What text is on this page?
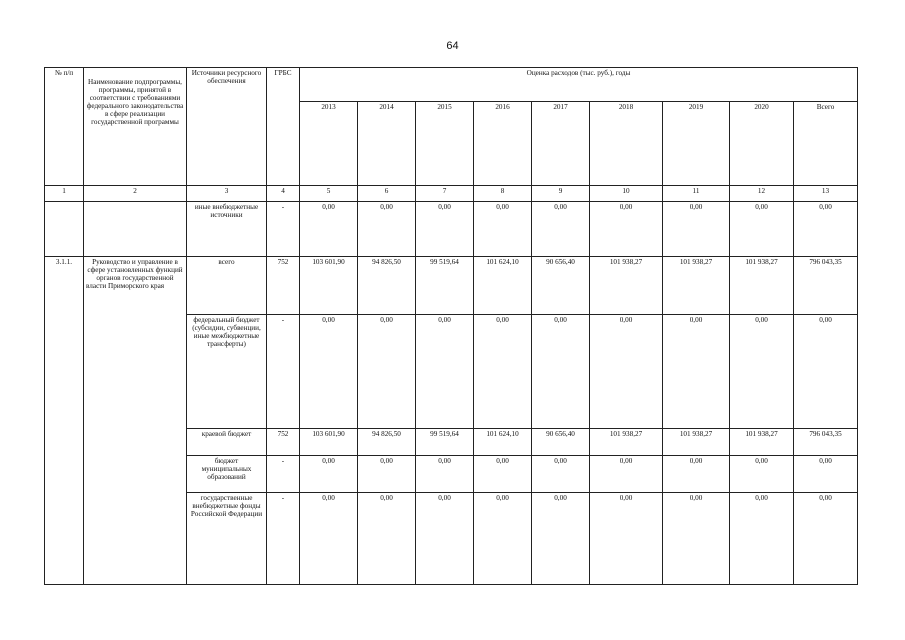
64
№ п/п	Наименование подпрограммы, программы, принятой в соответствии с требованиями федерального законодательства в сфере реализации государственной программы	Источники ресурсного обеспечения	ГРБС	Оценка расходов (тыс. руб.), годы								
				2013	2014	2015	2016	2017	2018	2019	2020	Всего
1	2	3	4	5	6	7	8	9	10	11	12	13
		иные внебюджетные источники	-	0,00	0,00	0,00	0,00	0,00	0,00	0,00	0,00	0,00
3.1.1.	Руководство и управление в сфере установленных функций органов государственной власти Приморского края	всего	752	103 601,90	94 826,50	99 519,64	101 624,10	90 656,40	101 938,27	101 938,27	101 938,27	796 043,35
		федеральный бюджет (субсидии, субвенции, иные межбюджетные трансферты)	-	0,00	0,00	0,00	0,00	0,00	0,00	0,00	0,00	0,00
		краевой бюджет	752	103 601,90	94 826,50	99 519,64	101 624,10	90 656,40	101 938,27	101 938,27	101 938,27	796 043,35
		бюджет муниципальных образований	-	0,00	0,00	0,00	0,00	0,00	0,00	0,00	0,00	0,00
		государственные внебюджетные фонды Российской Федерации	-	0,00	0,00	0,00	0,00	0,00	0,00	0,00	0,00	0,00
